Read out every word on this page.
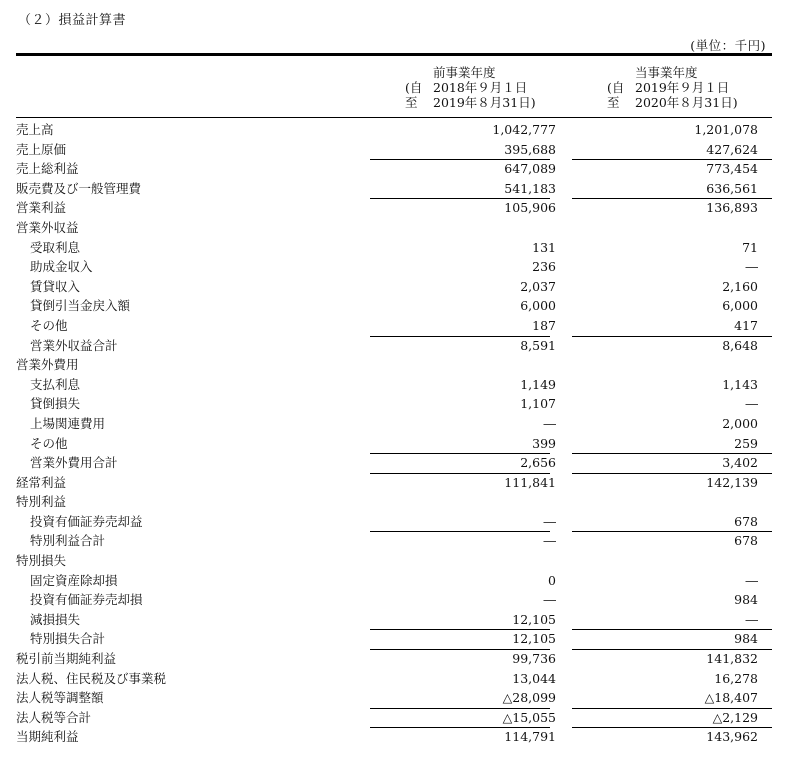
（２）損益計算書
(単位：千円)
前事業年度
(自 2018年９月１日
至	2019年８月31日)
当事業年度
(自 2019年９月１日
至	2020年８月31日)
売上高	1,042,777	1,201,078
売上原価	395,688	427,624
売上総利益	647,089	773,454
販売費及び一般管理費	541,183	636,561
営業利益	105,906	136,893
営業外収益
受取利息	131	71
助成金収入	236	―
賃貸収入	2,037	2,160
貸倒引当金戻入額	6,000	6,000
その他	187	417
営業外収益合計	8,591	8,648
営業外費用
支払利息	1,149	1,143
貸倒損失	1,107	―
上場関連費用	―	2,000
その他	399	259
営業外費用合計	2,656	3,402
経常利益	111,841	142,139
特別利益
投資有価証券売却益	―	678
特別利益合計	―	678
特別損失
固定資産除却損	0	―
投資有価証券売却損	―	984
減損損失	12,105	―
特別損失合計	12,105	984
税引前当期純利益	99,736	141,832
法人税、住民税及び事業税	13,044	16,278
法人税等調整額	△28,099	△18,407
法人税等合計	△15,055	△2,129
当期純利益	114,791	143,962
